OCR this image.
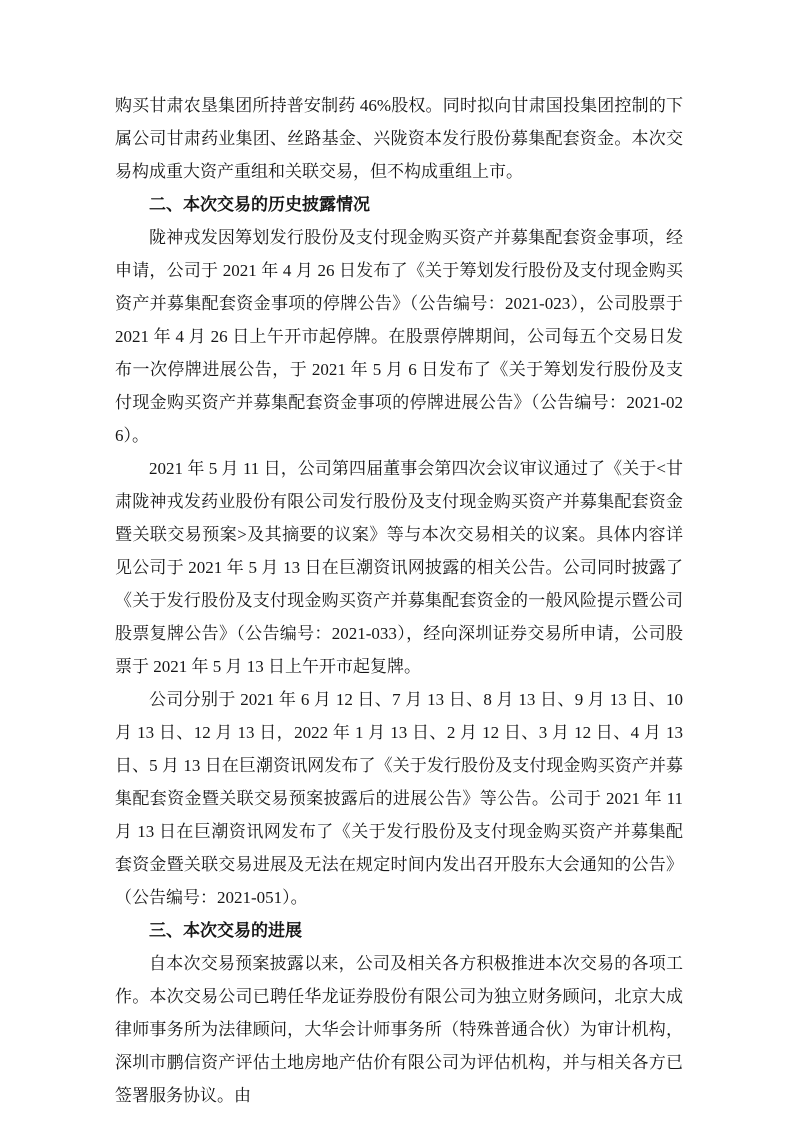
购买甘肃农垦集团所持普安制药 46%股权。同时拟向甘肃国投集团控制的下属公司甘肃药业集团、丝路基金、兴陇资本发行股份募集配套资金。本次交易构成重大资产重组和关联交易，但不构成重组上市。

二、本次交易的历史披露情况

陇神戎发因筹划发行股份及支付现金购买资产并募集配套资金事项，经申请，公司于 2021 年 4 月 26 日发布了《关于筹划发行股份及支付现金购买资产并募集配套资金事项的停牌公告》（公告编号：2021-023），公司股票于 2021 年 4 月 26 日上午开市起停牌。在股票停牌期间，公司每五个交易日发布一次停牌进展公告，于 2021 年 5 月 6 日发布了《关于筹划发行股份及支付现金购买资产并募集配套资金事项的停牌进展公告》（公告编号：2021-026）。

2021 年 5 月 11 日，公司第四届董事会第四次会议审议通过了《关于<甘肃陇神戎发药业股份有限公司发行股份及支付现金购买资产并募集配套资金暨关联交易预案>及其摘要的议案》等与本次交易相关的议案。具体内容详见公司于 2021 年 5 月 13 日在巨潮资讯网披露的相关公告。公司同时披露了《关于发行股份及支付现金购买资产并募集配套资金的一般风险提示暨公司股票复牌公告》（公告编号：2021-033），经向深圳证券交易所申请，公司股票于 2021 年 5 月 13 日上午开市起复牌。

公司分别于 2021 年 6 月 12 日、7 月 13 日、8 月 13 日、9 月 13 日、10 月 13 日、12 月 13 日，2022 年 1 月 13 日、2 月 12 日、3 月 12 日、4 月 13 日、5 月 13 日在巨潮资讯网发布了《关于发行股份及支付现金购买资产并募集配套资金暨关联交易预案披露后的进展公告》等公告。公司于 2021 年 11 月 13 日在巨潮资讯网发布了《关于发行股份及支付现金购买资产并募集配套资金暨关联交易进展及无法在规定时间内发出召开股东大会通知的公告》（公告编号：2021-051）。

三、本次交易的进展

自本次交易预案披露以来，公司及相关各方积极推进本次交易的各项工作。本次交易公司已聘任华龙证券股份有限公司为独立财务顾问，北京大成律师事务所为法律顾问，大华会计师事务所（特殊普通合伙）为审计机构，深圳市鹏信资产评估土地房地产估价有限公司为评估机构，并与相关各方已签署服务协议。由
